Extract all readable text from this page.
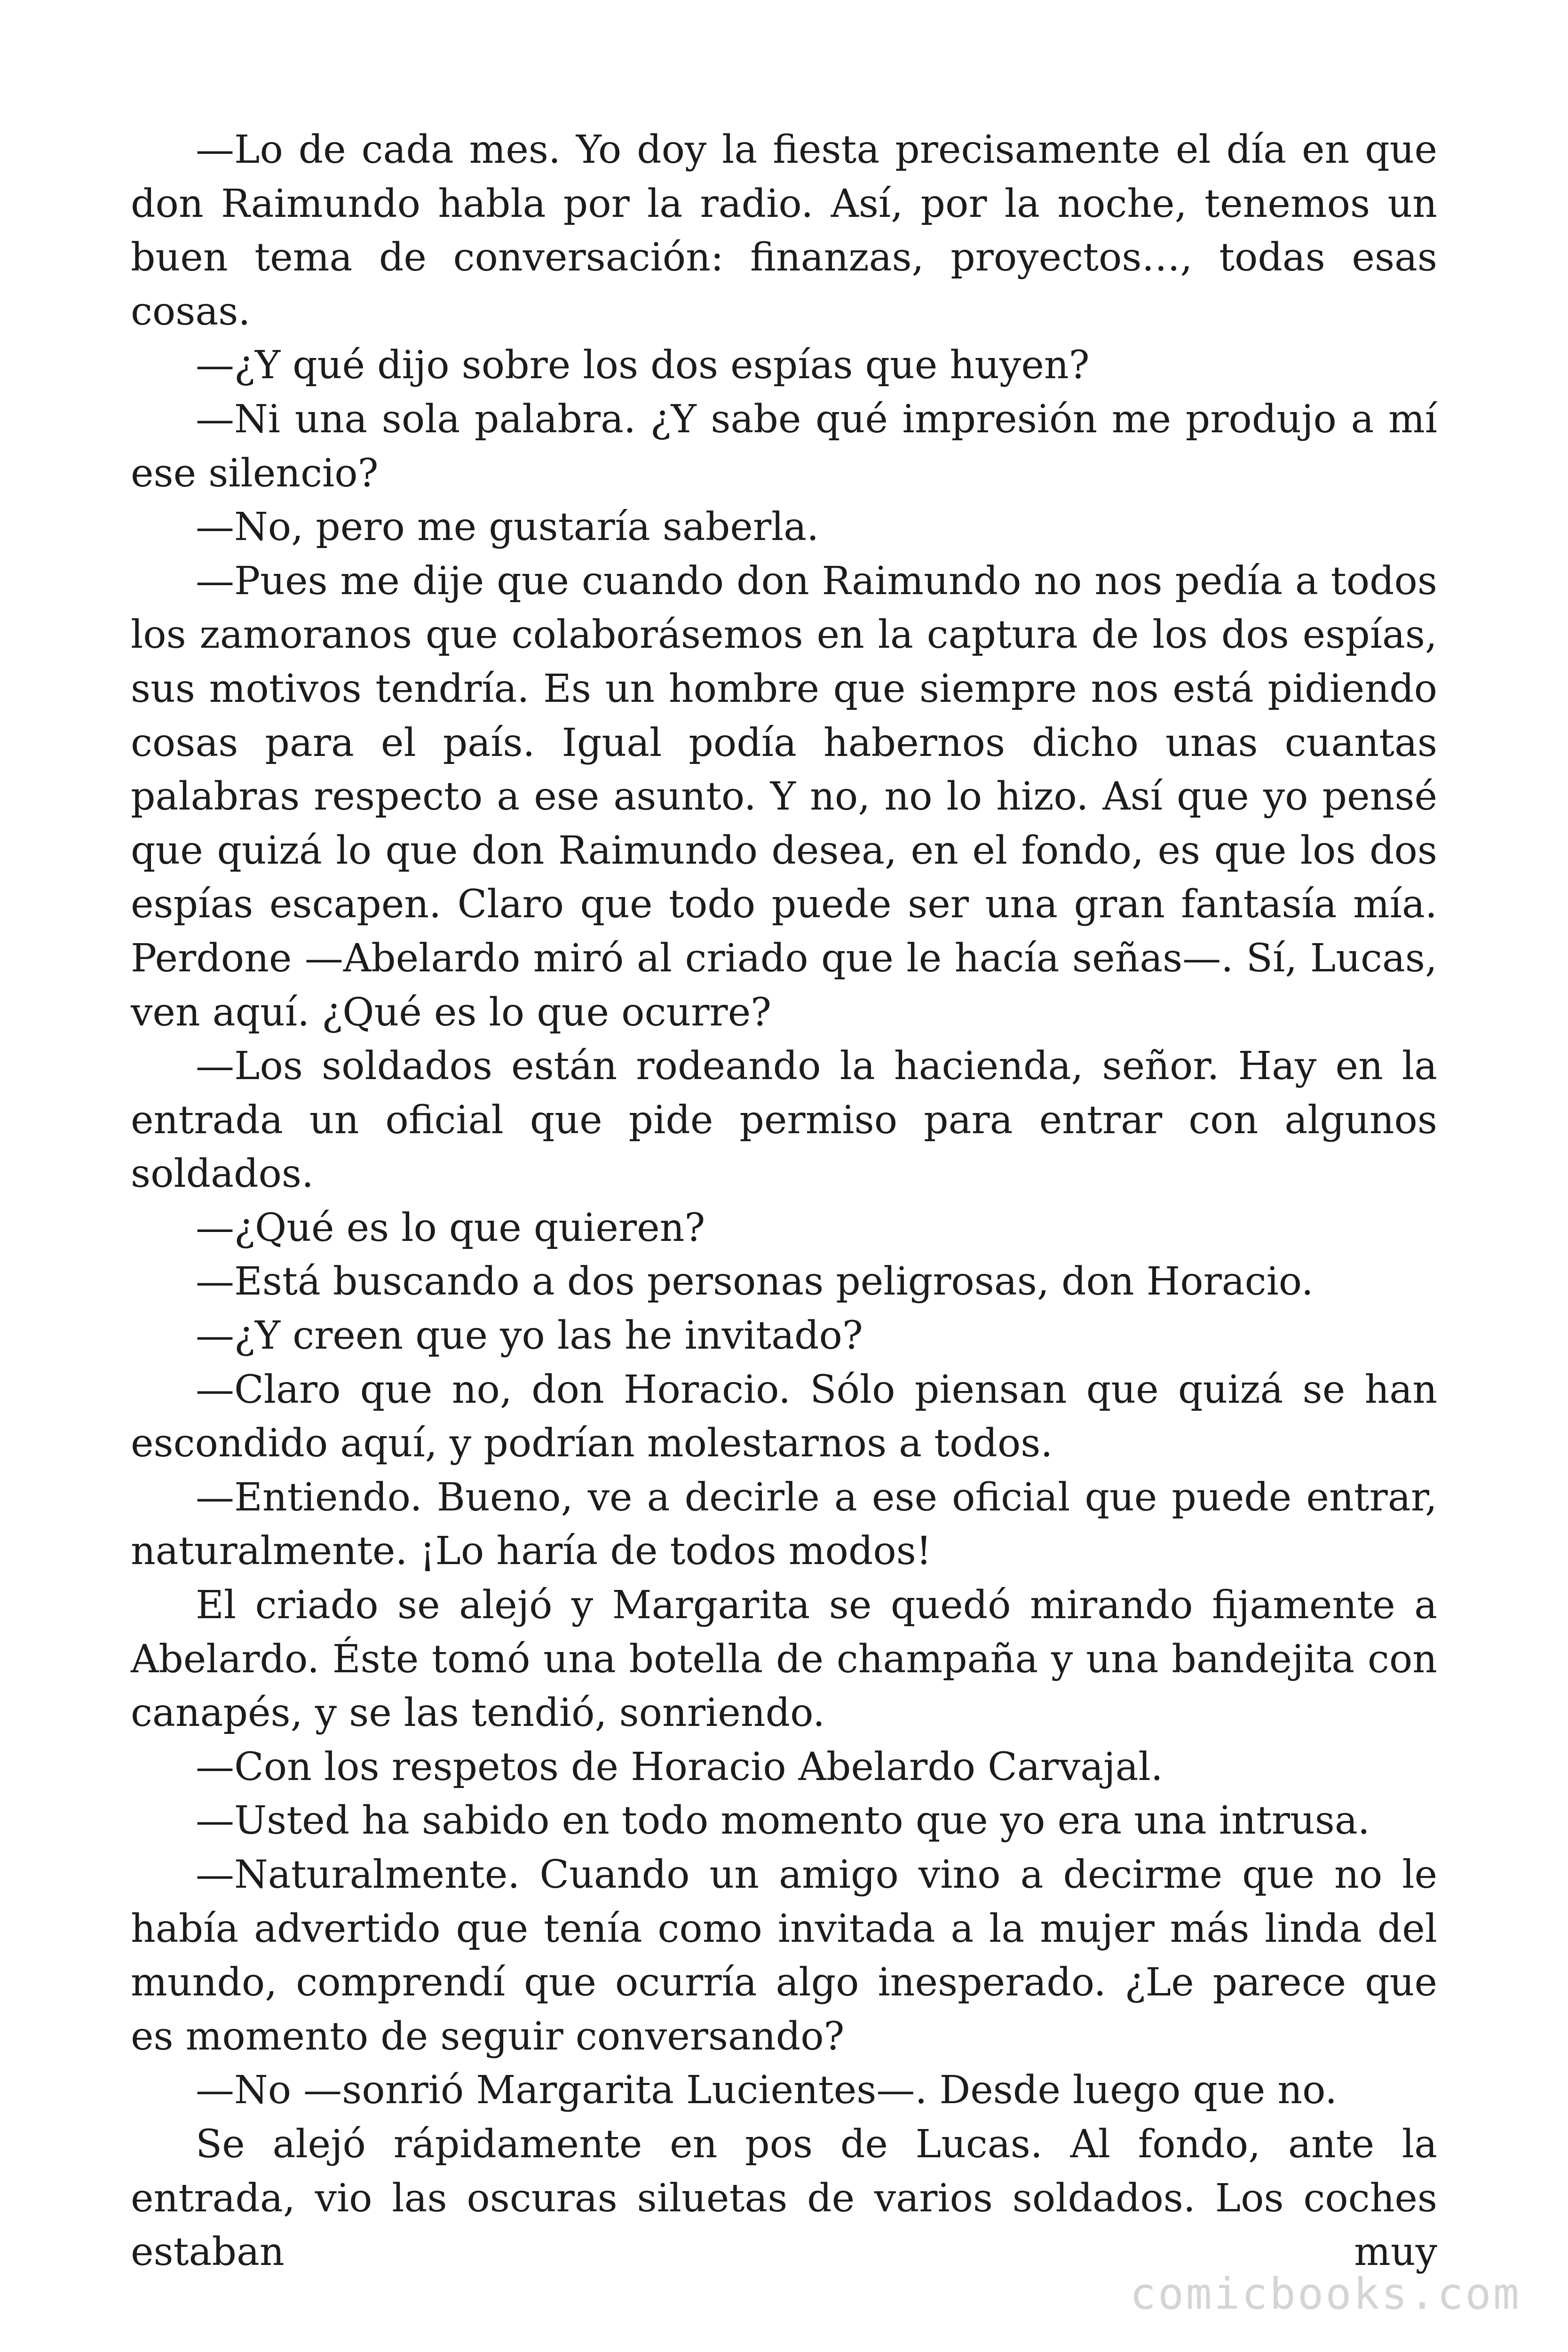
—Lo de cada mes. Yo doy la fiesta precisamente el día en que don Raimundo habla por la radio. Así, por la noche, tenemos un buen tema de conversación: finanzas, proyectos…, todas esas cosas.

—¿Y qué dijo sobre los dos espías que huyen?

—Ni una sola palabra. ¿Y sabe qué impresión me produjo a mí ese silencio?

—No, pero me gustaría saberla.

—Pues me dije que cuando don Raimundo no nos pedía a todos los zamoranos que colaborásemos en la captura de los dos espías, sus motivos tendría. Es un hombre que siempre nos está pidiendo cosas para el país. Igual podía habernos dicho unas cuantas palabras respecto a ese asunto. Y no, no lo hizo. Así que yo pensé que quizá lo que don Raimundo desea, en el fondo, es que los dos espías escapen. Claro que todo puede ser una gran fantasía mía. Perdone —Abelardo miró al criado que le hacía señas—. Sí, Lucas, ven aquí. ¿Qué es lo que ocurre?

—Los soldados están rodeando la hacienda, señor. Hay en la entrada un oficial que pide permiso para entrar con algunos soldados.

—¿Qué es lo que quieren?

—Está buscando a dos personas peligrosas, don Horacio.

—¿Y creen que yo las he invitado?

—Claro que no, don Horacio. Sólo piensan que quizá se han escondido aquí, y podrían molestarnos a todos.

—Entiendo. Bueno, ve a decirle a ese oficial que puede entrar, naturalmente. ¡Lo haría de todos modos!

El criado se alejó y Margarita se quedó mirando fijamente a Abelardo. Éste tomó una botella de champaña y una bandejita con canapés, y se las tendió, sonriendo.

—Con los respetos de Horacio Abelardo Carvajal.

—Usted ha sabido en todo momento que yo era una intrusa.

—Naturalmente. Cuando un amigo vino a decirme que no le había advertido que tenía como invitada a la mujer más linda del mundo, comprendí que ocurría algo inesperado. ¿Le parece que es momento de seguir conversando?

—No —sonrió Margarita Lucientes—. Desde luego que no.

Se alejó rápidamente en pos de Lucas. Al fondo, ante la entrada, vio las oscuras siluetas de varios soldados. Los coches estaban muy

comicbooks.com
